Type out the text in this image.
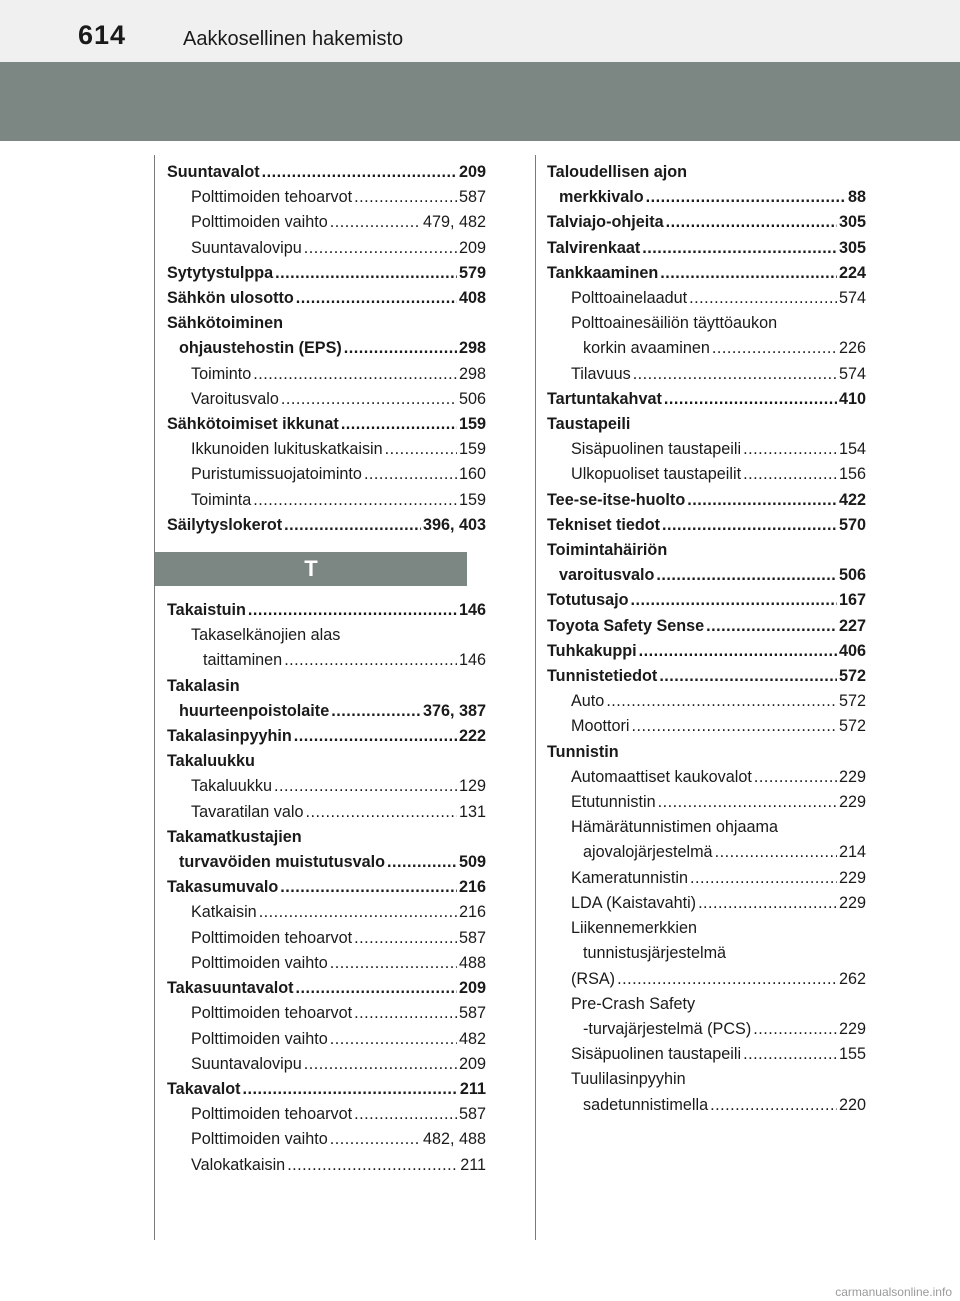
614	Aakkosellinen hakemisto
Suuntavalot .....	209
Polttimoiden tehoarvot .....	587
Polttimoiden vaihto .....	479, 482
Suuntavalovipu .....	209
Sytytystulppa .....	579
Sähkön ulosotto .....	408
Sähkötoiminen
ohjaustehostin (EPS) .....	298
Toiminto .....	298
Varoitusvalo .....	506
Sähkötoimiset ikkunat .....	159
Ikkunoiden lukituskatkaisin .....	159
Puristumissuojatoiminto .....	160
Toiminta .....	159
Säilytyslokerot .....	396, 403
T
Takaistuin .....	146
Takaselkänojien alas
taittaminen .....	146
Takalasin
huurteenpoistolaite .....	376, 387
Takalasinpyyhin .....	222
Takaluukku
Takaluukku .....	129
Tavaratilan valo .....	131
Takamatkustajien
turvavöiden muistutusvalo .....	509
Takasumuvalo .....	216
Katkaisin .....	216
Polttimoiden tehoarvot .....	587
Polttimoiden vaihto .....	488
Takasuuntavalot .....	209
Polttimoiden tehoarvot .....	587
Polttimoiden vaihto .....	482
Suuntavalovipu .....	209
Takavalot .....	211
Polttimoiden tehoarvot .....	587
Polttimoiden vaihto .....	482, 488
Valokatkaisin .....	211
Taloudellisen ajon
merkkivalo .....	88
Talviajo-ohjeita .....	305
Talvirenkaat .....	305
Tankkaaminen .....	224
Polttoainelaadut .....	574
Polttoainesäiliön täyttöaukon
korkin avaaminen .....	226
Tilavuus .....	574
Tartuntakahvat .....	410
Taustapeili
Sisäpuolinen taustapeili .....	154
Ulkopuoliset taustapeilit .....	156
Tee-se-itse-huolto .....	422
Tekniset tiedot .....	570
Toimintahäiriön
varoitusvalo .....	506
Totutusajo .....	167
Toyota Safety Sense .....	227
Tuhkakuppi .....	406
Tunnistetiedot .....	572
Auto .....	572
Moottori .....	572
Tunnistin
Automaattiset kaukovalot .....	229
Etutunnistin .....	229
Hämärätunnistimen ohjaama
ajovalojärjestelmä .....	214
Kameratunnistin .....	229
LDA (Kaistavahti) .....	229
Liikennemerkkien
tunnistusjärjestelmä
(RSA) .....	262
Pre-Crash Safety
-turvajärjestelmä (PCS) .....	229
Sisäpuolinen taustapeili .....	155
Tuulilasinpyyhin
sadetunnistimella .....	220
carmanualsonline.info
